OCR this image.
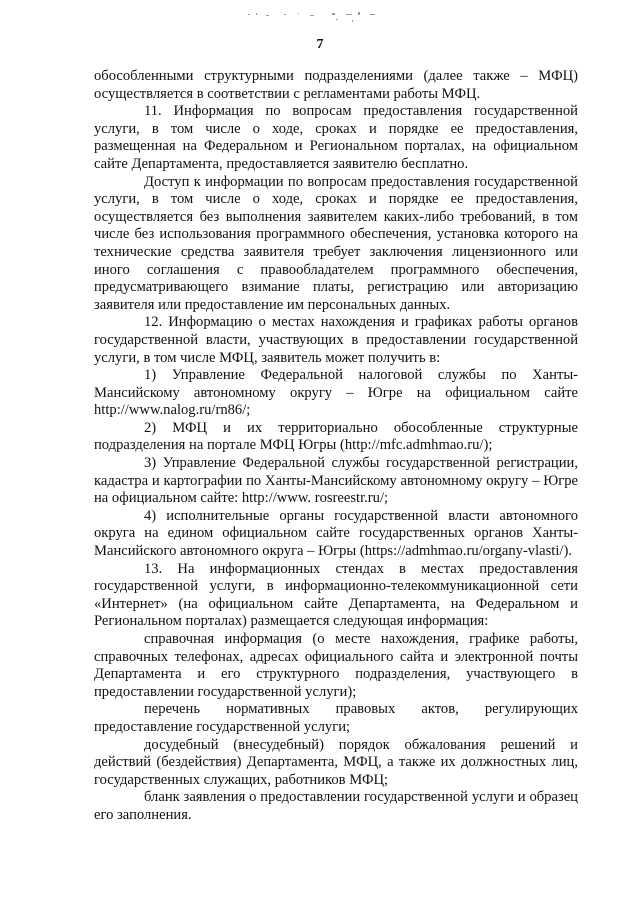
7

обособленными структурными подразделениями (далее также – МФЦ) осуществляется в соответствии с регламентами работы МФЦ.

11. Информация по вопросам предоставления государственной услуги, в том числе о ходе, сроках и порядке ее предоставления, размещенная на Федеральном и Региональном порталах, на официальном сайте Департамента, предоставляется заявителю бесплатно.

Доступ к информации по вопросам предоставления государственной услуги, в том числе о ходе, сроках и порядке ее предоставления, осуществляется без выполнения заявителем каких-либо требований, в том числе без использования программного обеспечения, установка которого на технические средства заявителя требует заключения лицензионного или иного соглашения с правообладателем программного обеспечения, предусматривающего взимание платы, регистрацию или авторизацию заявителя или предоставление им персональных данных.

12. Информацию о местах нахождения и графиках работы органов государственной власти, участвующих в предоставлении государственной услуги, в том числе МФЦ, заявитель может получить в:

1) Управление Федеральной налоговой службы по Ханты-Мансийскому автономному округу – Югре на официальном сайте http://www.nalog.ru/rn86/;

2) МФЦ и их территориально обособленные структурные подразделения на портале МФЦ Югры (http://mfc.admhmao.ru/);

3) Управление Федеральной службы государственной регистрации, кадастра и картографии по Ханты-Мансийскому автономному округу – Югре на официальном сайте: http://www. rosreestr.ru/;

4) исполнительные органы государственной власти автономного округа на едином официальном сайте государственных органов Ханты-Мансийского автономного округа – Югры (https://admhmao.ru/organy-vlasti/).

13. На информационных стендах в местах предоставления государственной услуги, в информационно-телекоммуникационной сети «Интернет» (на официальном сайте Департамента, на Федеральном и Региональном порталах) размещается следующая информация:

справочная информация (о месте нахождения, графике работы, справочных телефонах, адресах официального сайта и электронной почты Департамента и его структурного подразделения, участвующего в предоставлении государственной услуги);

перечень нормативных правовых актов, регулирующих предоставление государственной услуги;

досудебный (внесудебный) порядок обжалования решений и действий (бездействия) Департамента, МФЦ, а также их должностных лиц, государственных служащих, работников МФЦ;

бланк заявления о предоставлении государственной услуги и образец его заполнения.
